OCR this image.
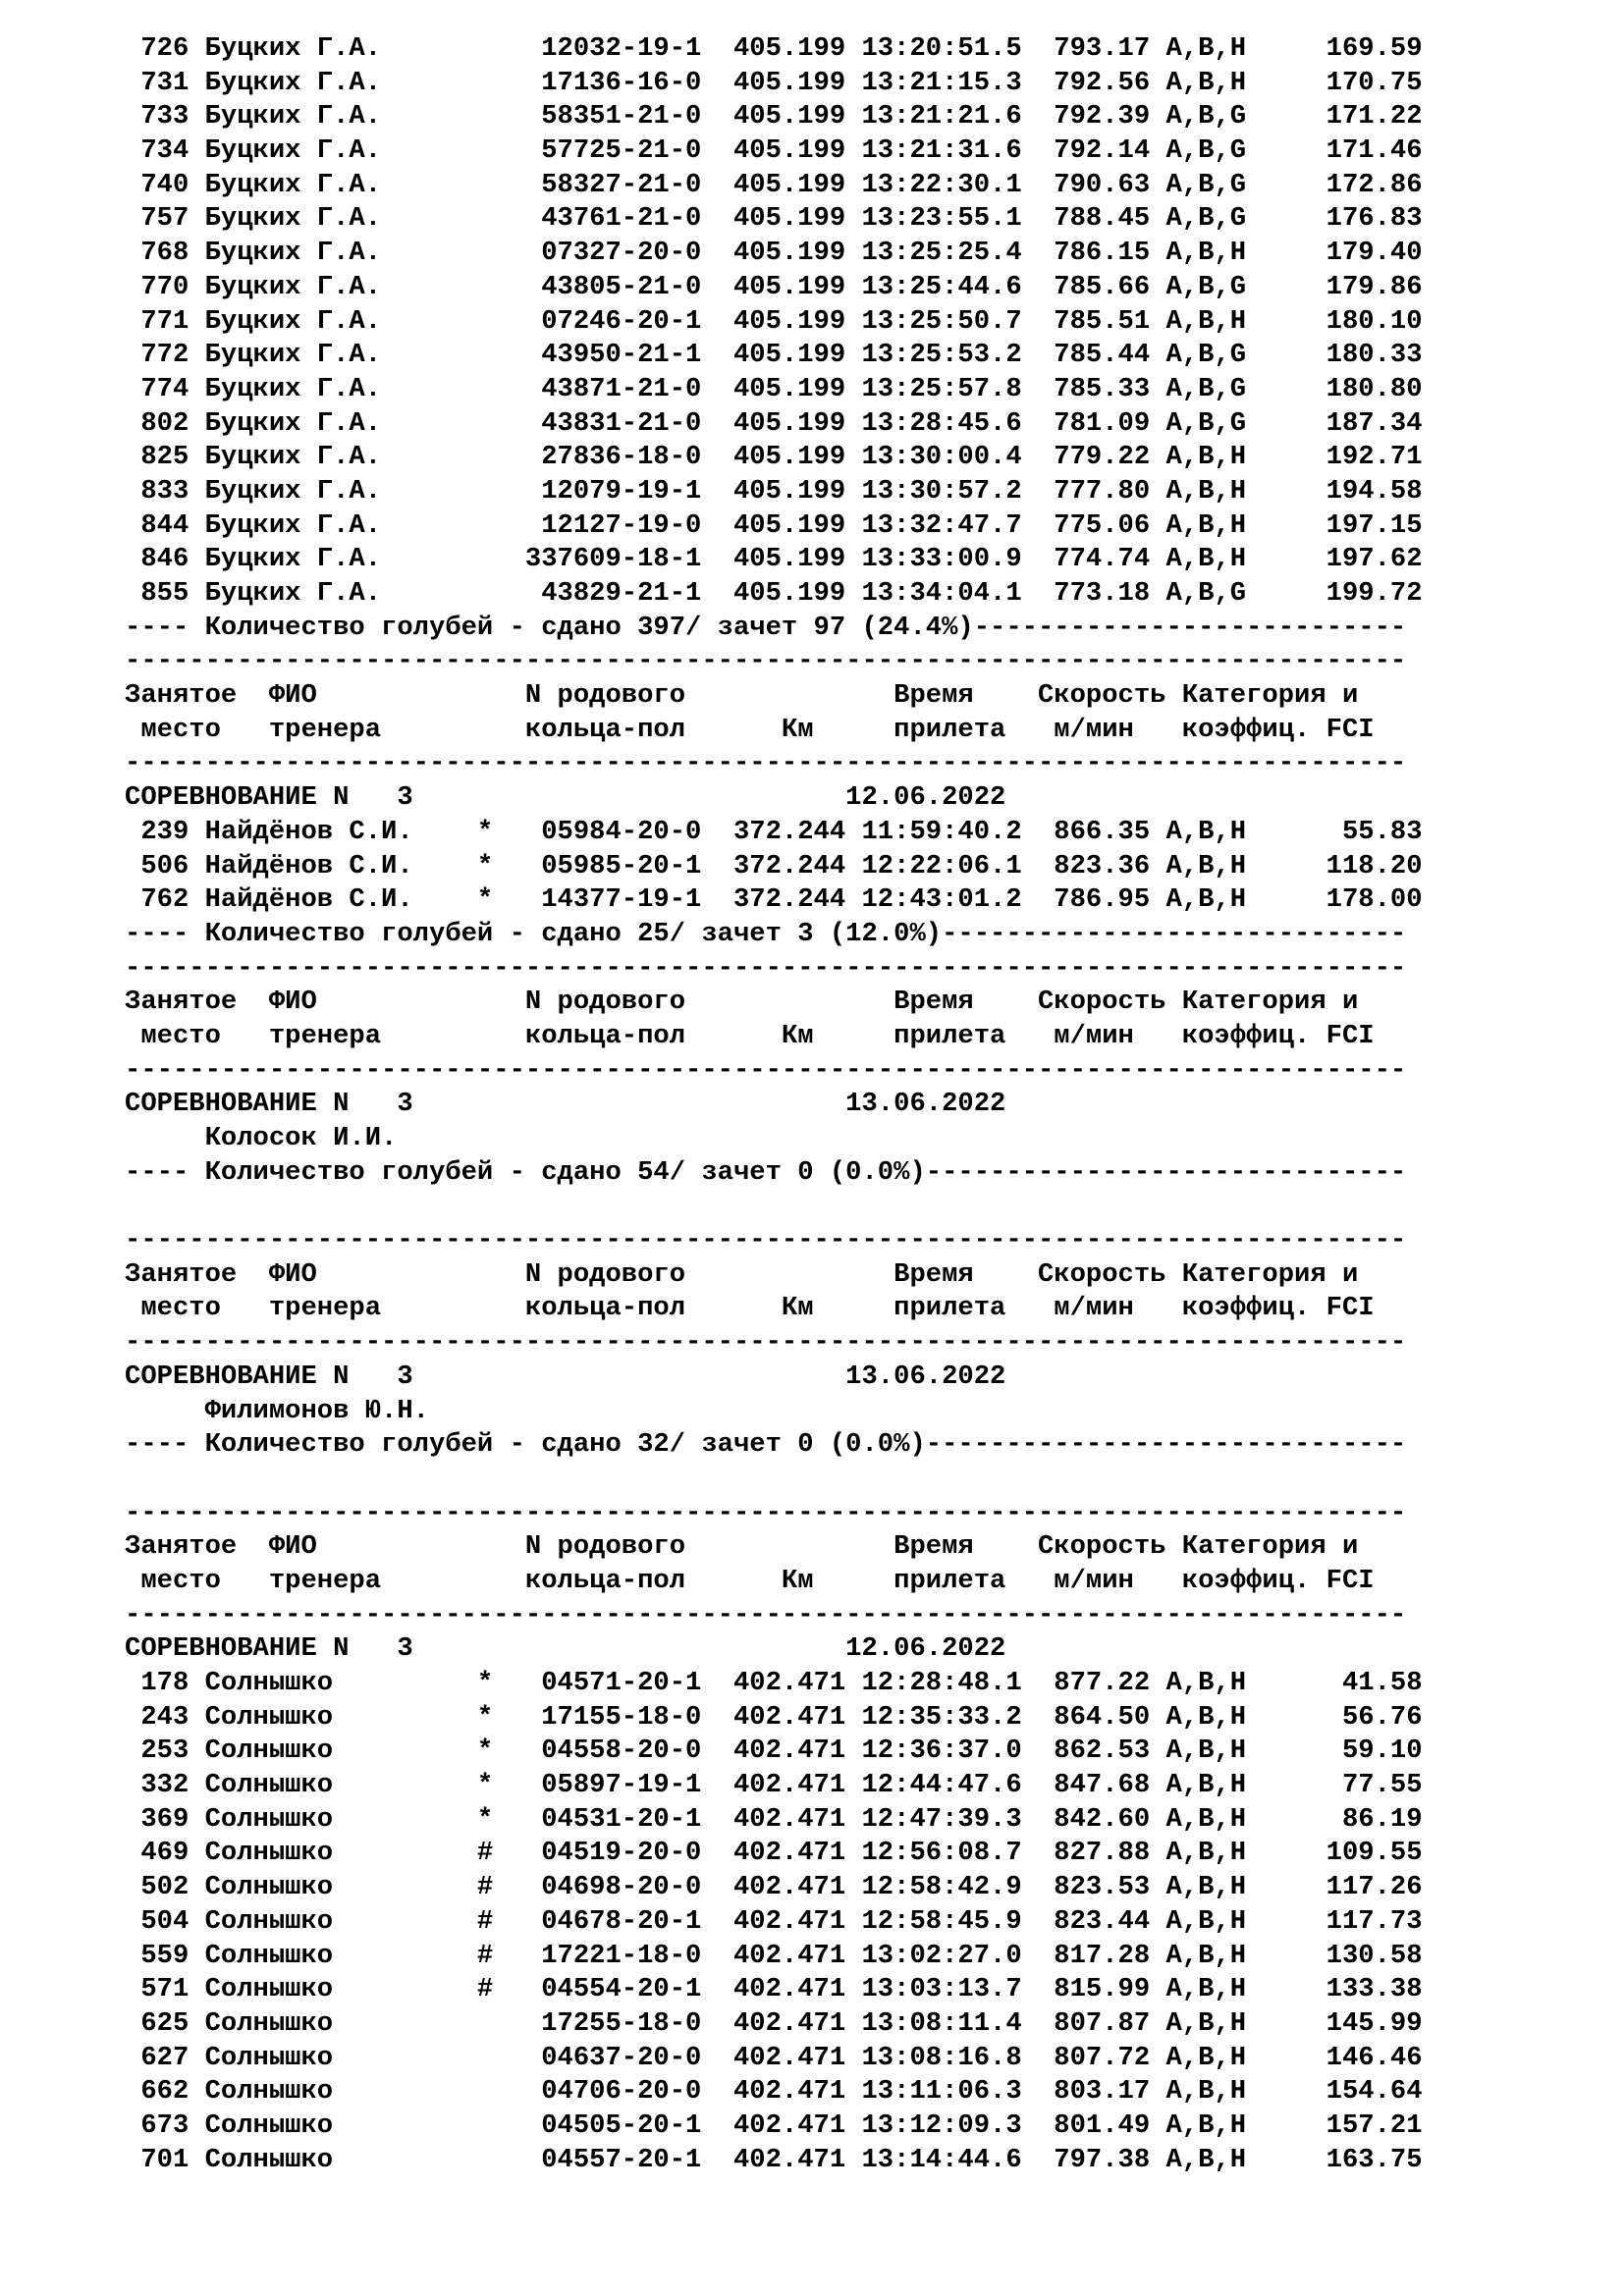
726 Буцких Г.А.          12032-19-1  405.199 13:20:51.5  793.17 A,B,H     169.59
731 Буцких Г.А.          17136-16-0  405.199 13:21:15.3  792.56 A,B,H     170.75
733 Буцких Г.А.          58351-21-0  405.199 13:21:21.6  792.39 A,B,G     171.22
734 Буцких Г.А.          57725-21-0  405.199 13:21:31.6  792.14 A,B,G     171.46
740 Буцких Г.А.          58327-21-0  405.199 13:22:30.1  790.63 A,B,G     172.86
757 Буцких Г.А.          43761-21-0  405.199 13:23:55.1  788.45 A,B,G     176.83
768 Буцких Г.А.          07327-20-0  405.199 13:25:25.4  786.15 A,B,H     179.40
770 Буцких Г.А.          43805-21-0  405.199 13:25:44.6  785.66 A,B,G     179.86
771 Буцких Г.А.          07246-20-1  405.199 13:25:50.7  785.51 A,B,H     180.10
772 Буцких Г.А.          43950-21-1  405.199 13:25:53.2  785.44 A,B,G     180.33
774 Буцких Г.А.          43871-21-0  405.199 13:25:57.8  785.33 A,B,G     180.80
802 Буцких Г.А.          43831-21-0  405.199 13:28:45.6  781.09 A,B,G     187.34
825 Буцких Г.А.          27836-18-0  405.199 13:30:00.4  779.22 A,B,H     192.71
833 Буцких Г.А.          12079-19-1  405.199 13:30:57.2  777.80 A,B,H     194.58
844 Буцких Г.А.          12127-19-0  405.199 13:32:47.7  775.06 A,B,H     197.15
846 Буцких Г.А.         337609-18-1  405.199 13:33:00.9  774.74 A,B,H     197.62
855 Буцких Г.А.          43829-21-1  405.199 13:34:04.1  773.18 A,B,G     199.72
---- Количество голубей - сдано 397/ зачет 97 (24.4%)---------------------------
--------------------------------------------------------------------------------
Занятое  ФИО             N родового             Время    Скорость Категория и
место   тренера         кольца-пол      Км     прилета   м/мин   коэффиц. FCI
--------------------------------------------------------------------------------
СОРЕВНОВАНИЕ N   3                           12.06.2022
239 Найдёнов С.И.    *   05984-20-0  372.244 11:59:40.2  866.35 A,B,H      55.83
506 Найдёнов С.И.    *   05985-20-1  372.244 12:22:06.1  823.36 A,B,H     118.20
762 Найдёнов С.И.    *   14377-19-1  372.244 12:43:01.2  786.95 A,B,H     178.00
---- Количество голубей - сдано 25/ зачет 3 (12.0%)-----------------------------
--------------------------------------------------------------------------------
Занятое  ФИО             N родового             Время    Скорость Категория и
место   тренера         кольца-пол      Км     прилета   м/мин   коэффиц. FCI
--------------------------------------------------------------------------------
СОРЕВНОВАНИЕ N   3                           13.06.2022
Колосок И.И.
---- Количество голубей - сдано 54/ зачет 0 (0.0%)------------------------------
--------------------------------------------------------------------------------
Занятое  ФИО             N родового             Время    Скорость Категория и
место   тренера         кольца-пол      Км     прилета   м/мин   коэффиц. FCI
--------------------------------------------------------------------------------
СОРЕВНОВАНИЕ N   3                           13.06.2022
Филимонов Ю.Н.
---- Количество голубей - сдано 32/ зачет 0 (0.0%)------------------------------
--------------------------------------------------------------------------------
Занятое  ФИО             N родового             Время    Скорость Категория и
место   тренера         кольца-пол      Км     прилета   м/мин   коэффиц. FCI
--------------------------------------------------------------------------------
СОРЕВНОВАНИЕ N   3                           12.06.2022
178 Солнышко         *   04571-20-1  402.471 12:28:48.1  877.22 A,B,H      41.58
243 Солнышко         *   17155-18-0  402.471 12:35:33.2  864.50 A,B,H      56.76
253 Солнышко         *   04558-20-0  402.471 12:36:37.0  862.53 A,B,H      59.10
332 Солнышко         *   05897-19-1  402.471 12:44:47.6  847.68 A,B,H      77.55
369 Солнышко         *   04531-20-1  402.471 12:47:39.3  842.60 A,B,H      86.19
469 Солнышко         #   04519-20-0  402.471 12:56:08.7  827.88 A,B,H     109.55
502 Солнышко         #   04698-20-0  402.471 12:58:42.9  823.53 A,B,H     117.26
504 Солнышко         #   04678-20-1  402.471 12:58:45.9  823.44 A,B,H     117.73
559 Солнышко         #   17221-18-0  402.471 13:02:27.0  817.28 A,B,H     130.58
571 Солнышко         #   04554-20-1  402.471 13:03:13.7  815.99 A,B,H     133.38
625 Солнышко             17255-18-0  402.471 13:08:11.4  807.87 A,B,H     145.99
627 Солнышко             04637-20-0  402.471 13:08:16.8  807.72 A,B,H     146.46
662 Солнышко             04706-20-0  402.471 13:11:06.3  803.17 A,B,H     154.64
673 Солнышко             04505-20-1  402.471 13:12:09.3  801.49 A,B,H     157.21
701 Солнышко             04557-20-1  402.471 13:14:44.6  797.38 A,B,H     163.75
